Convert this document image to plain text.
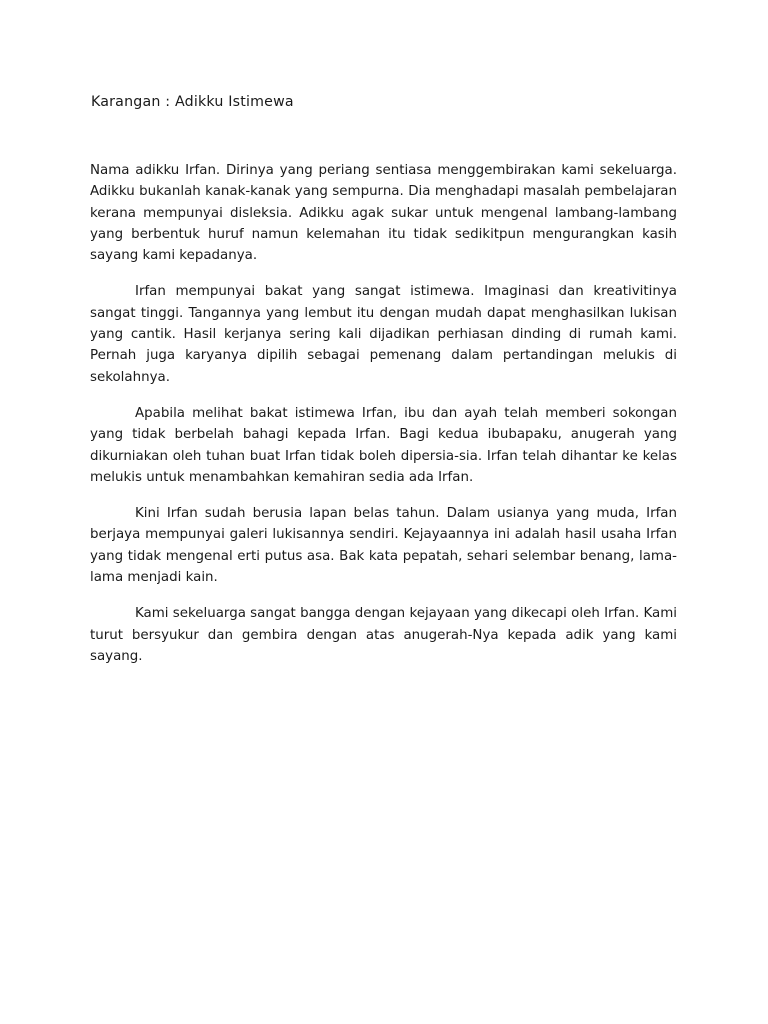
Karangan : Adikku Istimewa

Nama adikku Irfan. Dirinya yang periang sentiasa menggembirakan kami sekeluarga. Adikku bukanlah kanak-kanak yang sempurna. Dia menghadapi masalah pembelajaran kerana mempunyai disleksia. Adikku agak sukar untuk mengenal lambang-lambang yang berbentuk huruf namun kelemahan itu tidak sedikitpun mengurangkan kasih sayang kami kepadanya.

Irfan mempunyai bakat yang sangat istimewa. Imaginasi dan kreativitinya sangat tinggi. Tangannya yang lembut itu dengan mudah dapat menghasilkan lukisan yang cantik. Hasil kerjanya sering kali dijadikan perhiasan dinding di rumah kami. Pernah juga karyanya dipilih sebagai pemenang dalam pertandingan melukis di sekolahnya.

Apabila melihat bakat istimewa Irfan, ibu dan ayah telah memberi sokongan yang tidak berbelah bahagi kepada Irfan. Bagi kedua ibubapaku, anugerah yang dikurniakan oleh tuhan buat Irfan tidak boleh dipersia-sia. Irfan telah dihantar ke kelas melukis untuk menambahkan kemahiran sedia ada Irfan.

Kini Irfan sudah berusia lapan belas tahun. Dalam usianya yang muda, Irfan berjaya mempunyai galeri lukisannya sendiri. Kejayaannya ini adalah hasil usaha Irfan yang tidak mengenal erti putus asa. Bak kata pepatah, sehari selembar benang, lama-lama menjadi kain.

Kami sekeluarga sangat bangga dengan kejayaan yang dikecapi oleh Irfan. Kami turut bersyukur dan gembira dengan atas anugerah-Nya kepada adik yang kami sayang.
